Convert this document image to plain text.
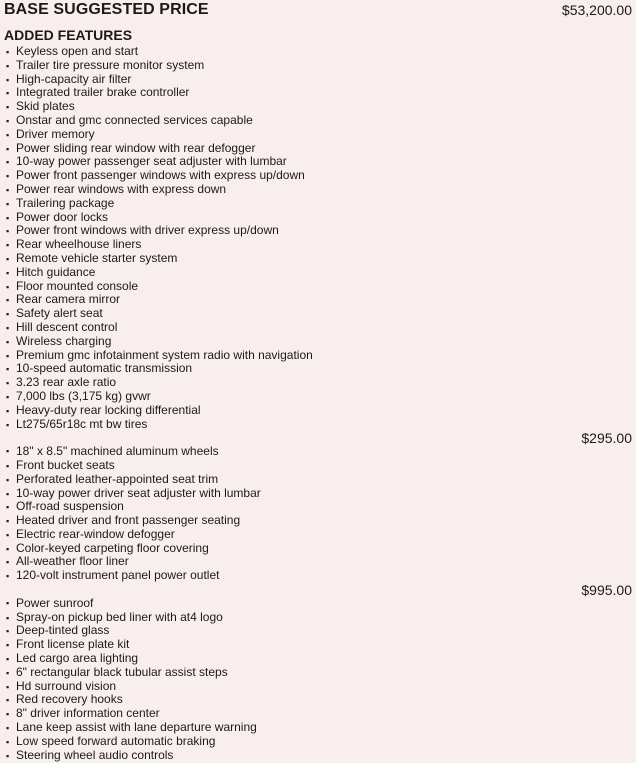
BASE SUGGESTED PRICE	$53,200.00
ADDED FEATURES
▪ Keyless open and start
▪ Trailer tire pressure monitor system
▪ High-capacity air filter
▪ Integrated trailer brake controller
▪ Skid plates
▪ Onstar and gmc connected services capable
▪ Driver memory
▪ Power sliding rear window with rear defogger
▪ 10-way power passenger seat adjuster with lumbar
▪ Power front passenger windows with express up/down
▪ Power rear windows with express down
▪ Trailering package
▪ Power door locks
▪ Power front windows with driver express up/down
▪ Rear wheelhouse liners
▪ Remote vehicle starter system
▪ Hitch guidance
▪ Floor mounted console
▪ Rear camera mirror
▪ Safety alert seat
▪ Hill descent control
▪ Wireless charging
▪ Premium gmc infotainment system radio with navigation
▪ 10-speed automatic transmission
▪ 3.23 rear axle ratio
▪ 7,000 lbs (3,175 kg) gvwr
▪ Heavy-duty rear locking differential
▪ Lt275/65r18c mt bw tires
▪ 18" x 8.5" machined aluminum wheels
$295.00
▪ Front bucket seats
▪ Perforated leather-appointed seat trim
▪ 10-way power driver seat adjuster with lumbar
▪ Off-road suspension
▪ Heated driver and front passenger seating
▪ Electric rear-window defogger
▪ Color-keyed carpeting floor covering
▪ All-weather floor liner
▪ 120-volt instrument panel power outlet
▪ Power sunroof
$995.00
▪ Spray-on pickup bed liner with at4 logo
▪ Deep-tinted glass
▪ Front license plate kit
▪ Led cargo area lighting
▪ 6" rectangular black tubular assist steps
▪ Hd surround vision
▪ Red recovery hooks
▪ 8" driver information center
▪ Lane keep assist with lane departure warning
▪ Low speed forward automatic braking
▪ Steering wheel audio controls
